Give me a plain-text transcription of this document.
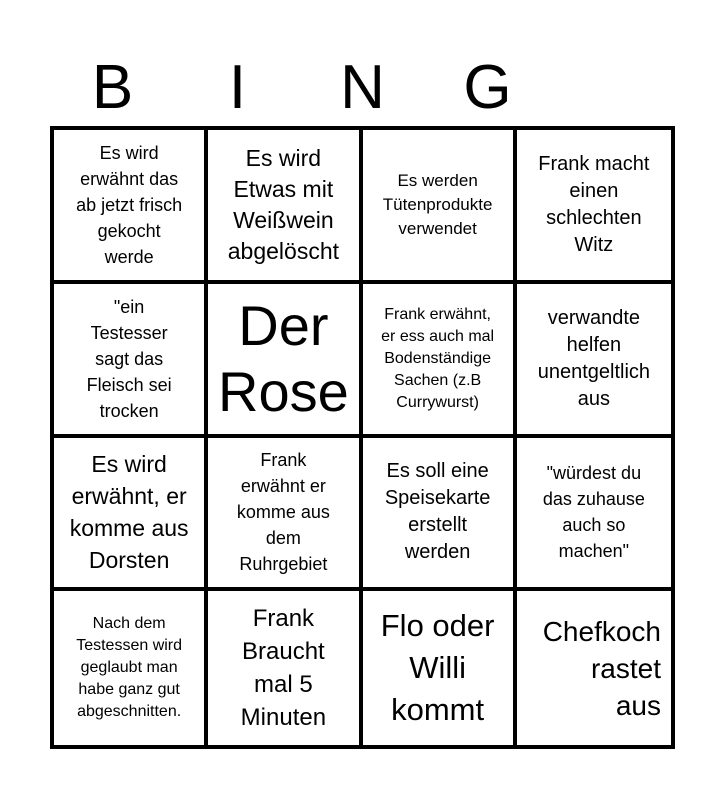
B	I	N	G
Es wird
erwähnt das
ab jetzt frisch
gekocht
werde
Es wird
Etwas mit
Weißwein
abgelöscht
Es werden
Tütenprodukte
verwendet
Frank macht
einen
schlechten
Witz
"ein
Testesser
sagt das
Fleisch sei
trocken
Der
Rose
Frank erwähnt,
er ess auch mal
Bodenständige
Sachen (z.B
Currywurst)
verwandte
helfen
unentgeltlich
aus
Es wird
erwähnt, er
komme aus
Dorsten
Frank
erwähnt er
komme aus
dem
Ruhrgebiet
Es soll eine
Speisekarte
erstellt
werden
"würdest du
das zuhause
auch so
machen"
Nach dem
Testessen wird
geglaubt man
habe ganz gut
abgeschnitten.
Frank
Braucht
mal 5
Minuten
Flo oder
Willi
kommt
Chefkoch
rastet
aus
